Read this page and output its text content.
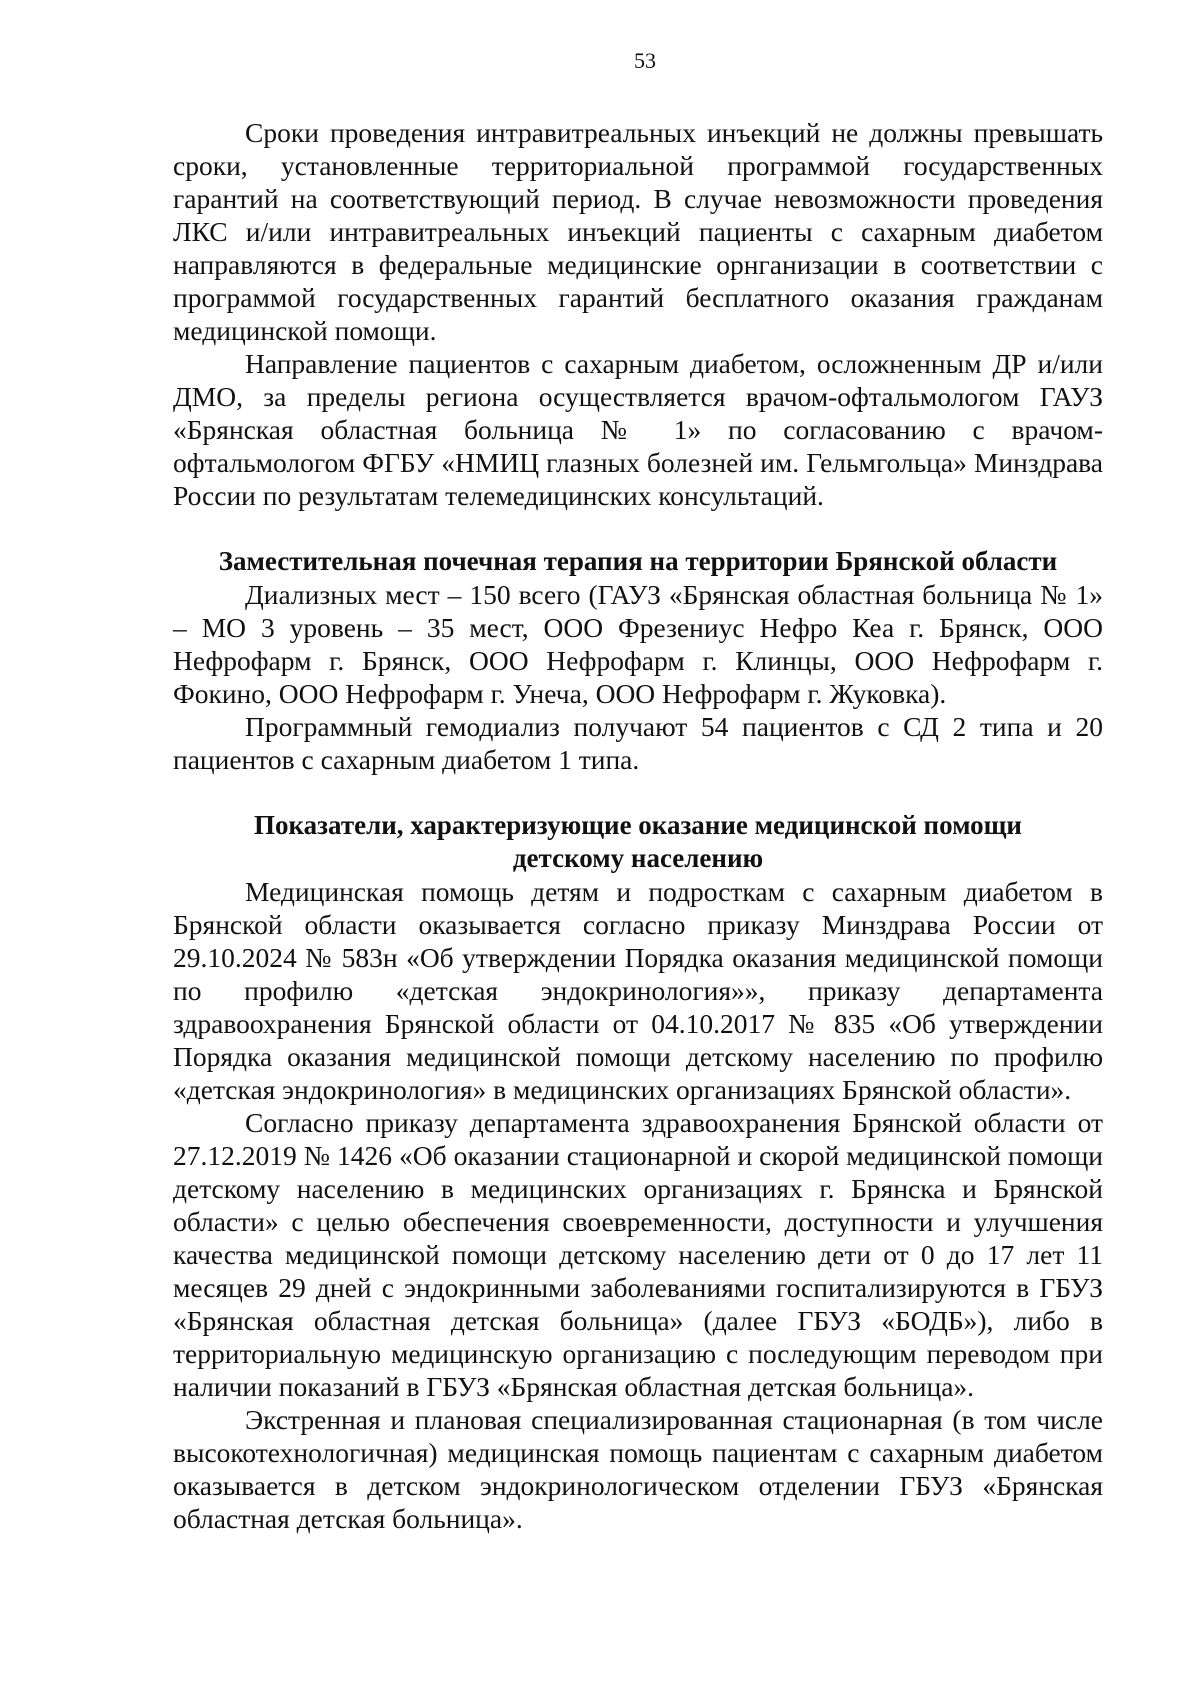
53

Сроки проведения интравитреальных инъекций не должны превышать сроки, установленные территориальной программой государственных гарантий на соответствующий период. В случае невозможности проведения ЛКС и/или интравитреальных инъекций пациенты с сахарным диабетом направляются в федеральные медицинские орнганизации в соответствии с программой государственных гарантий бесплатного оказания гражданам медицинской помощи.

Направление пациентов с сахарным диабетом, осложненным ДР и/или ДМО, за пределы региона осуществляется врачом-офтальмологом ГАУЗ «Брянская областная больница № 1» по согласованию с врачом-офтальмологом ФГБУ «НМИЦ глазных болезней им. Гельмгольца» Минздрава России по результатам телемедицинских консультаций.

Заместительная почечная терапия на территории Брянской области

Диализных мест – 150 всего (ГАУЗ «Брянская областная больница № 1» – МО 3 уровень – 35 мест, ООО Фрезениус Нефро Кеа г. Брянск, ООО Нефрофарм г. Брянск, ООО Нефрофарм г. Клинцы, ООО Нефрофарм г. Фокино, ООО Нефрофарм г. Унеча, ООО Нефрофарм г. Жуковка).

Программный гемодиализ получают 54 пациентов с СД 2 типа и 20 пациентов с сахарным диабетом 1 типа.

Показатели, характеризующие оказание медицинской помощи
детскому населению

Медицинская помощь детям и подросткам с сахарным диабетом в Брянской области оказывается согласно приказу Минздрава России от 29.10.2024 № 583н «Об утверждении Порядка оказания медицинской помощи по профилю «детская эндокринология»», приказу департамента здравоохранения Брянской области от 04.10.2017 № 835 «Об утверждении Порядка оказания медицинской помощи детскому населению по профилю «детская эндокринология» в медицинских организациях Брянской области».

Согласно приказу департамента здравоохранения Брянской области от 27.12.2019 № 1426 «Об оказании стационарной и скорой медицинской помощи детскому населению в медицинских организациях г. Брянска и Брянской области» с целью обеспечения своевременности, доступности и улучшения качества медицинской помощи детскому населению дети от 0 до 17 лет 11 месяцев 29 дней с эндокринными заболеваниями госпитализируются в ГБУЗ «Брянская областная детская больница» (далее ГБУЗ «БОДБ»), либо в территориальную медицинскую организацию с последующим переводом при наличии показаний в ГБУЗ «Брянская областная детская больница».

Экстренная и плановая специализированная стационарная (в том числе высокотехнологичная) медицинская помощь пациентам с сахарным диабетом оказывается в детском эндокринологическом отделении ГБУЗ «Брянская областная детская больница».
